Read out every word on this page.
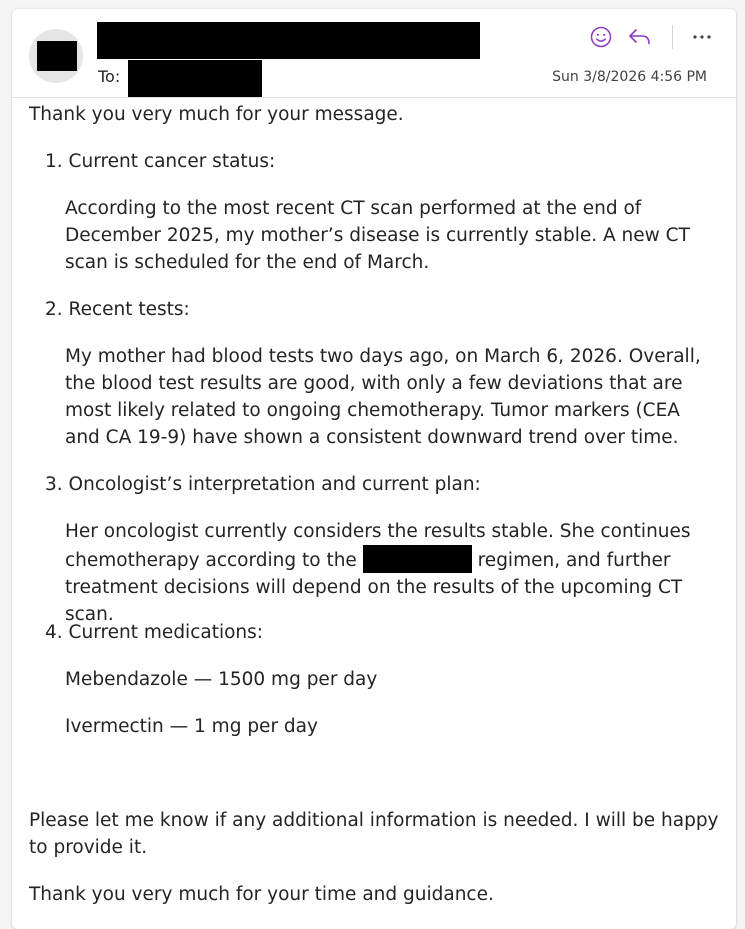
To:	Sun 3/8/2026 4:56 PM
Thank you very much for your message.
1. Current cancer status:
According to the most recent CT scan performed at the end of December 2025, my mother’s disease is currently stable. A new CT scan is scheduled for the end of March.
2. Recent tests:
My mother had blood tests two days ago, on March 6, 2026. Overall, the blood test results are good, with only a few deviations that are most likely related to ongoing chemotherapy. Tumor markers (CEA and CA 19-9) have shown a consistent downward trend over time.
3. Oncologist’s interpretation and current plan:
Her oncologist currently considers the results stable. She continues chemotherapy according to the	regimen, and further treatment decisions will depend on the results of the upcoming CT scan.
4. Current medications:
Mebendazole — 1500 mg per day
Ivermectin — 1 mg per day
Please let me know if any additional information is needed. I will be happy to provide it.
Thank you very much for your time and guidance.
